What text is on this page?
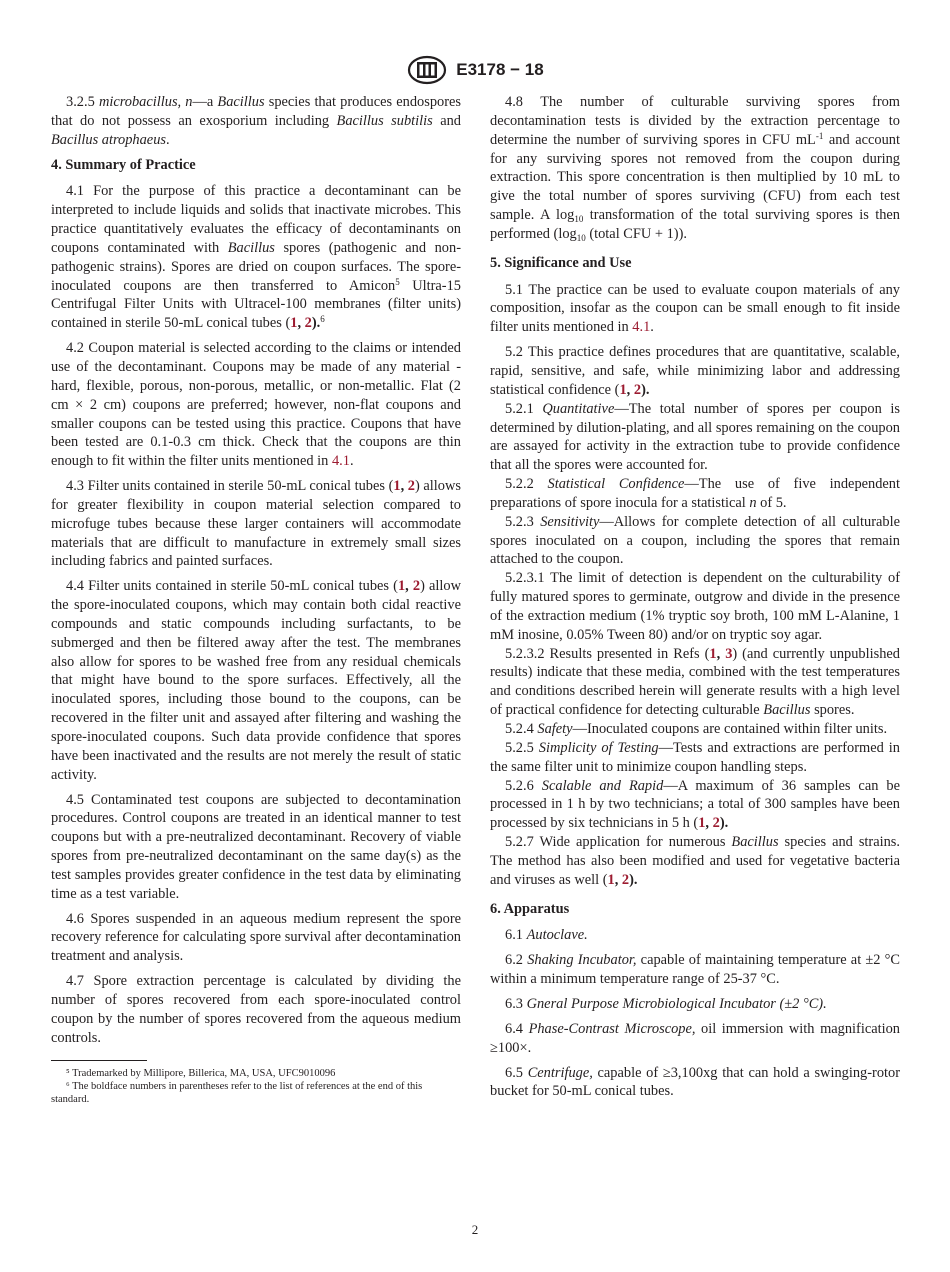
E3178 − 18

3.2.5 microbacillus, n—a Bacillus species that produces endospores that do not possess an exosporium including Bacillus subtilis and Bacillus atrophaeus.

4. Summary of Practice

4.1 For the purpose of this practice a decontaminant can be interpreted to include liquids and solids that inactivate microbes. This practice quantitatively evaluates the efficacy of decontaminants on coupons contaminated with Bacillus spores (pathogenic and non-pathogenic strains). Spores are dried on coupon surfaces. The spore-inoculated coupons are then transferred to Amicon$^5$ Ultra-15 Centrifugal Filter Units with Ultracel-100 membranes (filter units) contained in sterile 50-mL conical tubes (1, 2).$^6$

4.2 Coupon material is selected according to the claims or intended use of the decontaminant. Coupons may be made of any material - hard, flexible, porous, non-porous, metallic, or non-metallic. Flat (2 cm × 2 cm) coupons are preferred; however, non-flat coupons and smaller coupons can be tested using this practice. Coupons that have been tested are 0.1-0.3 cm thick. Check that the coupons are thin enough to fit within the filter units mentioned in 4.1.

4.3 Filter units contained in sterile 50-mL conical tubes (1, 2) allows for greater flexibility in coupon material selection compared to microfuge tubes because these larger containers will accommodate materials that are difficult to manufacture in extremely small sizes including fabrics and painted surfaces.

4.4 Filter units contained in sterile 50-mL conical tubes (1, 2) allow the spore-inoculated coupons, which may contain both cidal reactive compounds and static compounds including surfactants, to be submerged and then be filtered away after the test. The membranes also allow for spores to be washed free from any residual chemicals that might have bound to the spore surfaces. Effectively, all the inoculated spores, including those bound to the coupons, can be recovered in the filter unit and assayed after filtering and washing the spore-inoculated coupons. Such data provide confidence that spores have been inactivated and the results are not merely the result of static activity.

4.5 Contaminated test coupons are subjected to decontamination procedures. Control coupons are treated in an identical manner to test coupons but with a pre-neutralized decontaminant. Recovery of viable spores from pre-neutralized decontaminant on the same day(s) as the test samples provides greater confidence in the test data by eliminating time as a test variable.

4.6 Spores suspended in an aqueous medium represent the spore recovery reference for calculating spore survival after decontamination treatment and analysis.

4.7 Spore extraction percentage is calculated by dividing the number of spores recovered from each spore-inoculated control coupon by the number of spores recovered from the aqueous medium controls.

⁵ Trademarked by Millipore, Billerica, MA, USA, UFC9010096

⁶ The boldface numbers in parentheses refer to the list of references at the end of this standard.

4.8 The number of culturable surviving spores from decontamination tests is divided by the extraction percentage to determine the number of surviving spores in CFU $mL^{-1}$ and account for any surviving spores not removed from the coupon during extraction. This spore concentration is then multiplied by 10 mL to give the total number of spores surviving (CFU) from each test sample. A $\log_{10}$ transformation of the total surviving spores is then performed ($\log_{10}$ (total CFU + 1)).

5. Significance and Use

5.1 The practice can be used to evaluate coupon materials of any composition, insofar as the coupon can be small enough to fit inside filter units mentioned in 4.1.

5.2 This practice defines procedures that are quantitative, scalable, rapid, sensitive, and safe, while minimizing labor and addressing statistical confidence (1, 2).

5.2.1 Quantitative—The total number of spores per coupon is determined by dilution-plating, and all spores remaining on the coupon are assayed for activity in the extraction tube to provide confidence that all the spores were accounted for.

5.2.2 Statistical Confidence—The use of five independent preparations of spore inocula for a statistical n of 5.

5.2.3 Sensitivity—Allows for complete detection of all culturable spores inoculated on a coupon, including the spores that remain attached to the coupon.

5.2.3.1 The limit of detection is dependent on the culturability of fully matured spores to germinate, outgrow and divide in the presence of the extraction medium (1% tryptic soy broth, 100 mM L-Alanine, 1 mM inosine, 0.05% Tween 80) and/or on tryptic soy agar.

5.2.3.2 Results presented in Refs (1, 3) (and currently unpublished results) indicate that these media, combined with the test temperatures and conditions described herein will generate results with a high level of practical confidence for detecting culturable Bacillus spores.

5.2.4 Safety—Inoculated coupons are contained within filter units.

5.2.5 Simplicity of Testing—Tests and extractions are performed in the same filter unit to minimize coupon handling steps.

5.2.6 Scalable and Rapid—A maximum of 36 samples can be processed in 1 h by two technicians; a total of 300 samples have been processed by six technicians in 5 h (1, 2).

5.2.7 Wide application for numerous Bacillus species and strains. The method has also been modified and used for vegetative bacteria and viruses as well (1, 2).

6. Apparatus

6.1 Autoclave.

6.2 Shaking Incubator, capable of maintaining temperature at ±2 °C within a minimum temperature range of 25-37 °C.

6.3 Gneral Purpose Microbiological Incubator (±2 °C).

6.4 Phase-Contrast Microscope, oil immersion with magnification ≥100×.

6.5 Centrifuge, capable of ≥3,100xg that can hold a swinging-rotor bucket for 50-mL conical tubes.

2
